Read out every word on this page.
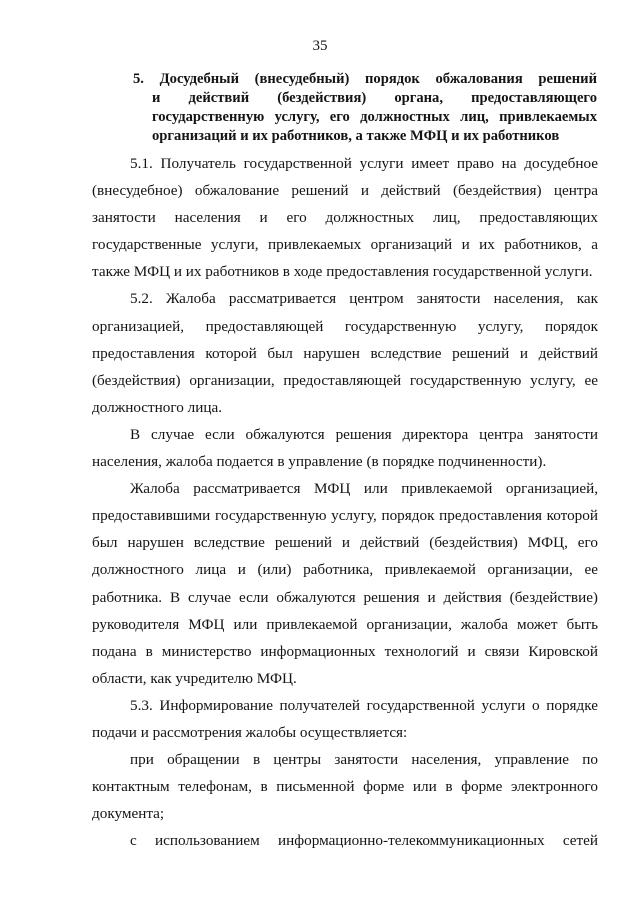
35
5. Досудебный (внесудебный) порядок обжалования решений
и действий (бездействия) органа, предоставляющего
государственную услугу, его должностных лиц, привлекаемых
организаций и их работников, а также МФЦ и их работников

5.1. Получатель государственной услуги имеет право на досудебное (внесудебное) обжалование решений и действий (бездействия) центра занятости населения и его должностных лиц, предоставляющих государственные услуги, привлекаемых организаций и их работников, а также МФЦ и их работников в ходе предоставления государственной услуги.

5.2. Жалоба рассматривается центром занятости населения, как организацией, предоставляющей государственную услугу, порядок предоставления которой был нарушен вследствие решений и действий (бездействия) организации, предоставляющей государственную услугу, ее должностного лица.

В случае если обжалуются решения директора центра занятости населения, жалоба подается в управление (в порядке подчиненности).

Жалоба рассматривается МФЦ или привлекаемой организацией, предоставившими государственную услугу, порядок предоставления которой был нарушен вследствие решений и действий (бездействия) МФЦ, его должностного лица и (или) работника, привлекаемой организации, ее работника. В случае если обжалуются решения и действия (бездействие) руководителя МФЦ или привлекаемой организации, жалоба может быть подана в министерство информационных технологий и связи Кировской области, как учредителю МФЦ.

5.3. Информирование получателей государственной услуги о порядке подачи и рассмотрения жалобы осуществляется:

при обращении в центры занятости населения, управление по контактным телефонам, в письменной форме или в форме электронного документа;

с использованием информационно-телекоммуникационных сетей
